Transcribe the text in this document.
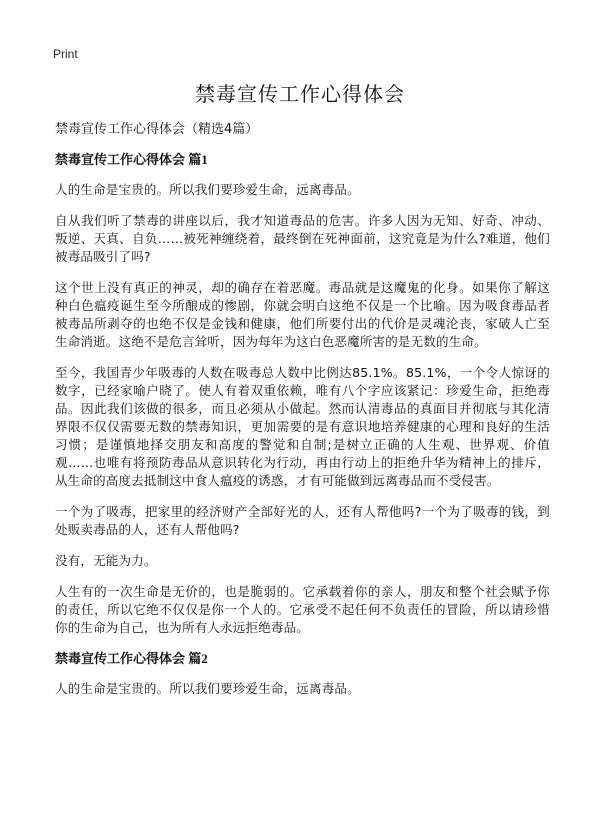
Print
禁毒宣传工作心得体会

禁毒宣传工作心得体会（精选4篇）

禁毒宣传工作心得体会 篇1

人的生命是宝贵的。所以我们要珍爱生命，远离毒品。

自从我们听了禁毒的讲座以后，我才知道毒品的危害。许多人因为无知、好奇、冲动、叛逆、天真、自负……被死神缠绕着，最终倒在死神面前，这究竟是为什么?难道，他们被毒品吸引了吗?

这个世上没有真正的神灵，却的确存在着恶魔。毒品就是这魔鬼的化身。如果你了解这种白色瘟疫诞生至今所酿成的惨剧，你就会明白这绝不仅是一个比喻。因为吸食毒品者被毒品所剥夺的也绝不仅是金钱和健康，他们所要付出的代价是灵魂沦丧，家破人亡至生命消逝。这绝不是危言耸听，因为每年为这白色恶魔所害的是无数的生命。

至今，我国青少年吸毒的人数在吸毒总人数中比例达85.1%。85.1%，一个令人惊讶的数字，已经家喻户晓了。使人有着双重依赖，唯有八个字应该紧记：珍爱生命，拒绝毒品。因此我们该做的很多，而且必须从小做起。然而认清毒品的真面目并彻底与其化清界限不仅仅需要无数的禁毒知识，更加需要的是有意识地培养健康的心理和良好的生活习惯；是谨慎地择交朋友和高度的警觉和自制;是树立正确的人生观、世界观、价值观……也唯有将预防毒品从意识转化为行动，再由行动上的拒绝升华为精神上的排斥，从生命的高度去抵制这中食人瘟疫的诱惑，才有可能做到远离毒品而不受侵害。

一个为了吸毒，把家里的经济财产全部好光的人，还有人帮他吗?一个为了吸毒的钱，到处贩卖毒品的人，还有人帮他吗?

没有，无能为力。

人生有的一次生命是无价的，也是脆弱的。它承载着你的亲人，朋友和整个社会赋予你的责任，所以它绝不仅仅是你一个人的。它承受不起任何不负责任的冒险，所以请珍惜你的生命为自己，也为所有人永远拒绝毒品。

禁毒宣传工作心得体会 篇2

人的生命是宝贵的。所以我们要珍爱生命，远离毒品。
